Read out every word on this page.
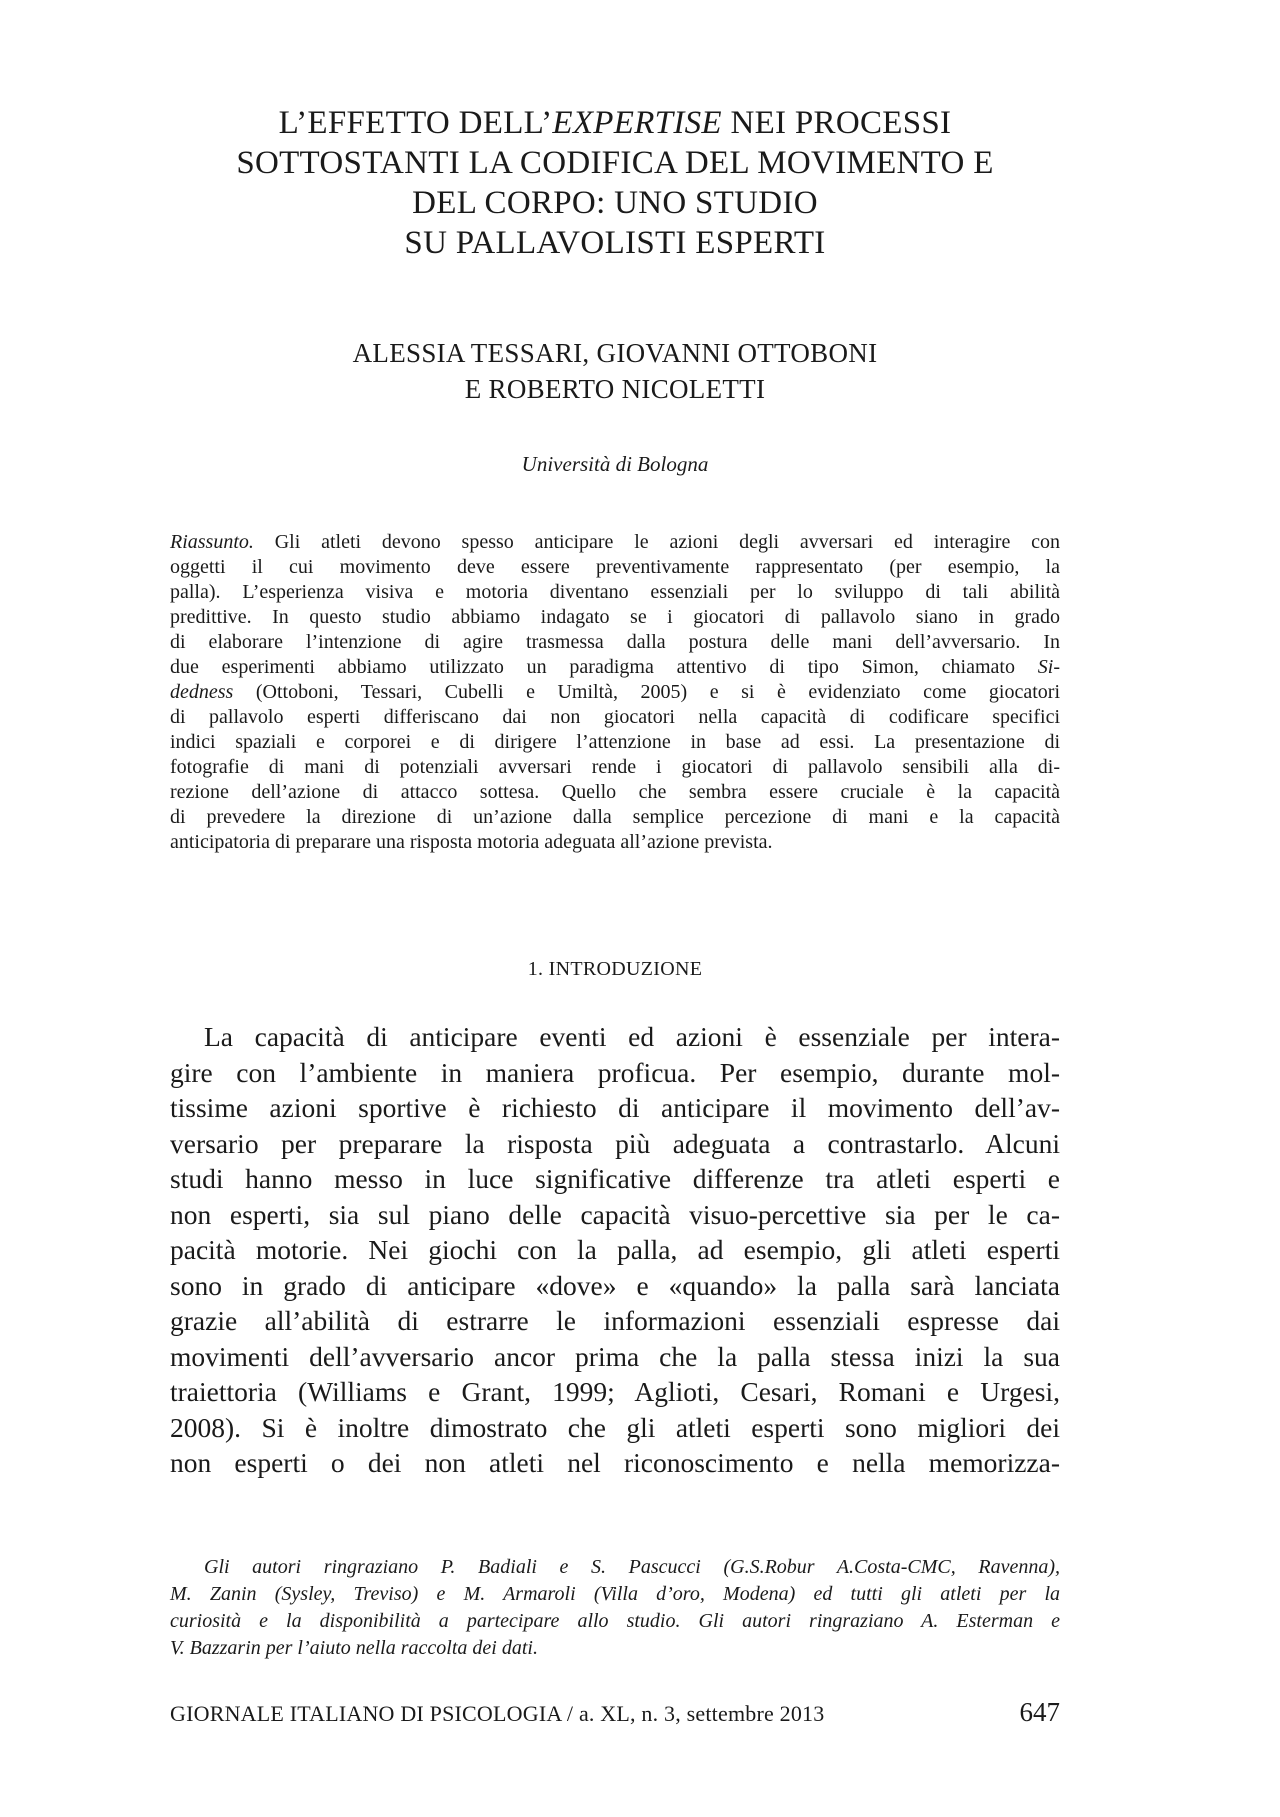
L’EFFETTO DELL’EXPERTISE NEI PROCESSI
SOTTOSTANTI LA CODIFICA DEL MOVIMENTO E
DEL CORPO: UNO STUDIO
SU PALLAVOLISTI ESPERTI
ALESSIA TESSARI, GIOVANNI OTTOBONI
E ROBERTO NICOLETTI
Università di Bologna
Riassunto. Gli atleti devono spesso anticipare le azioni degli avversari ed interagire con
oggetti il cui movimento deve essere preventivamente rappresentato (per esempio, la
palla). L’esperienza visiva e motoria diventano essenziali per lo sviluppo di tali abilità
predittive. In questo studio abbiamo indagato se i giocatori di pallavolo siano in grado
di elaborare l’intenzione di agire trasmessa dalla postura delle mani dell’avversario. In
due esperimenti abbiamo utilizzato un paradigma attentivo di tipo Simon, chiamato Si-
dedness (Ottoboni, Tessari, Cubelli e Umiltà, 2005) e si è evidenziato come giocatori
di pallavolo esperti differiscano dai non giocatori nella capacità di codificare specifici
indici spaziali e corporei e di dirigere l’attenzione in base ad essi. La presentazione di
fotografie di mani di potenziali avversari rende i giocatori di pallavolo sensibili alla di-
rezione dell’azione di attacco sottesa. Quello che sembra essere cruciale è la capacità
di prevedere la direzione di un’azione dalla semplice percezione di mani e la capacità
anticipatoria di preparare una risposta motoria adeguata all’azione prevista.
1. INTRODUZIONE
La capacità di anticipare eventi ed azioni è essenziale per intera-
gire con l’ambiente in maniera proficua. Per esempio, durante mol-
tissime azioni sportive è richiesto di anticipare il movimento dell’av-
versario per preparare la risposta più adeguata a contrastarlo. Alcuni
studi hanno messo in luce significative differenze tra atleti esperti e
non esperti, sia sul piano delle capacità visuo-percettive sia per le ca-
pacità motorie. Nei giochi con la palla, ad esempio, gli atleti esperti
sono in grado di anticipare «dove» e «quando» la palla sarà lanciata
grazie all’abilità di estrarre le informazioni essenziali espresse dai
movimenti dell’avversario ancor prima che la palla stessa inizi la sua
traiettoria (Williams e Grant, 1999; Aglioti, Cesari, Romani e Urgesi,
2008). Si è inoltre dimostrato che gli atleti esperti sono migliori dei
non esperti o dei non atleti nel riconoscimento e nella memorizza-
Gli autori ringraziano P. Badiali e S. Pascucci (G.S.Robur A.Costa-CMC, Ravenna),
M. Zanin (Sysley, Treviso) e M. Armaroli (Villa d’oro, Modena) ed tutti gli atleti per la
curiosità e la disponibilità a partecipare allo studio. Gli autori ringraziano A. Esterman e
V. Bazzarin per l’aiuto nella raccolta dei dati.
GIORNALE ITALIANO DI PSICOLOGIA / a. XL, n. 3, settembre 2013	647
